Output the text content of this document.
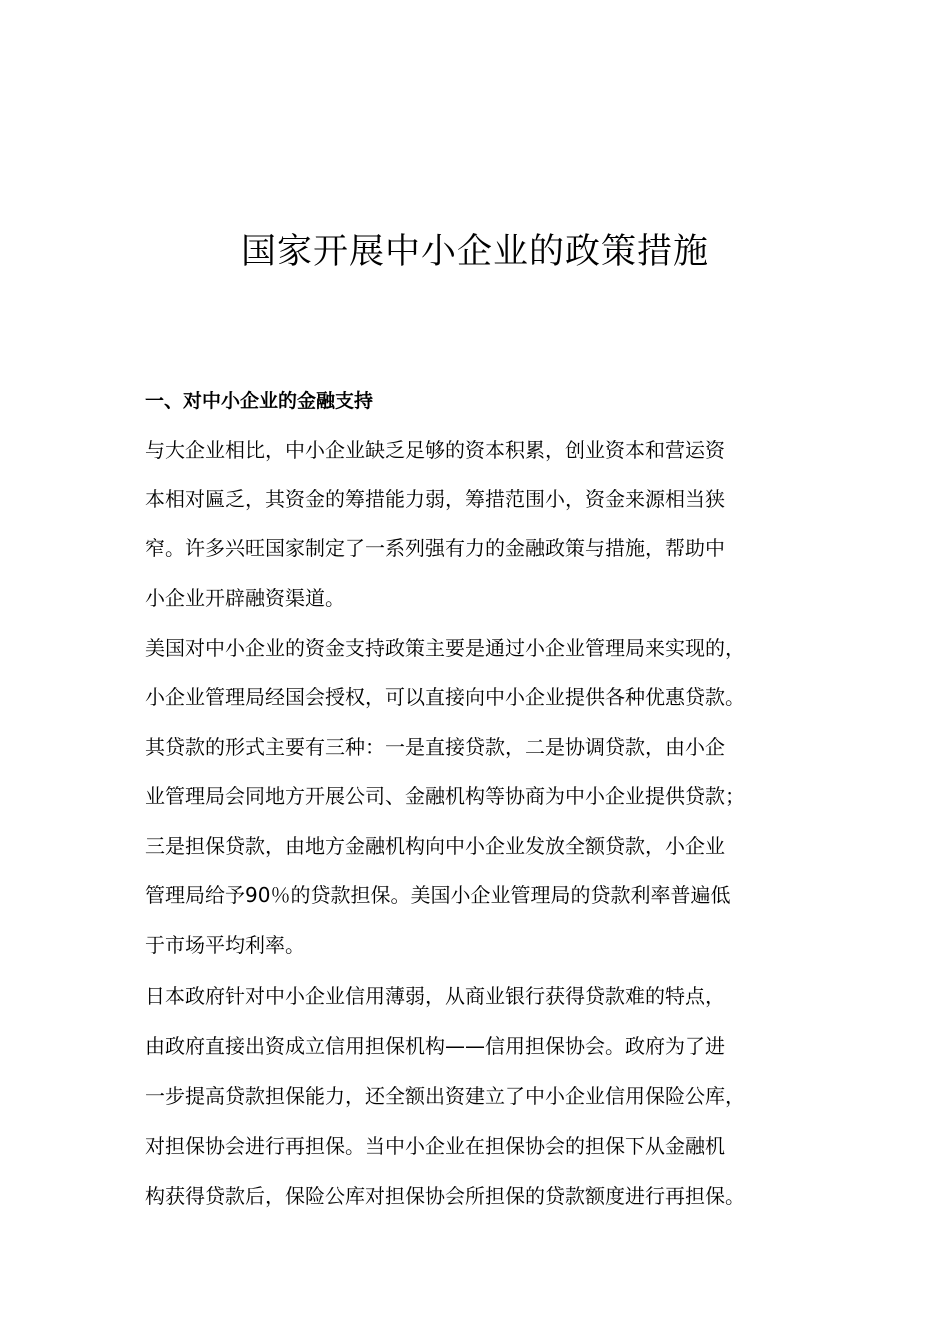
国家开展中小企业的政策措施
一、对中小企业的金融支持

与大企业相比，中小企业缺乏足够的资本积累，创业资本和营运资

本相对匾乏，其资金的筹措能力弱，筹措范围小，资金来源相当狭

窄。许多兴旺国家制定了一系列强有力的金融政策与措施，帮助中

小企业开辟融资渠道。

美国对中小企业的资金支持政策主要是通过小企业管理局来实现的，

小企业管理局经国会授权，可以直接向中小企业提供各种优惠贷款。

其贷款的形式主要有三种：一是直接贷款，二是协调贷款，由小企

业管理局会同地方开展公司、金融机构等协商为中小企业提供贷款；

三是担保贷款，由地方金融机构向中小企业发放全额贷款，小企业

管理局给予90％的贷款担保。美国小企业管理局的贷款利率普遍低

于市场平均利率。

日本政府针对中小企业信用薄弱，从商业银行获得贷款难的特点，

由政府直接出资成立信用担保机构——信用担保协会。政府为了进

一步提高贷款担保能力，还全额出资建立了中小企业信用保险公库，

对担保协会进行再担保。当中小企业在担保协会的担保下从金融机

构获得贷款后，保险公库对担保协会所担保的贷款额度进行再担保。
